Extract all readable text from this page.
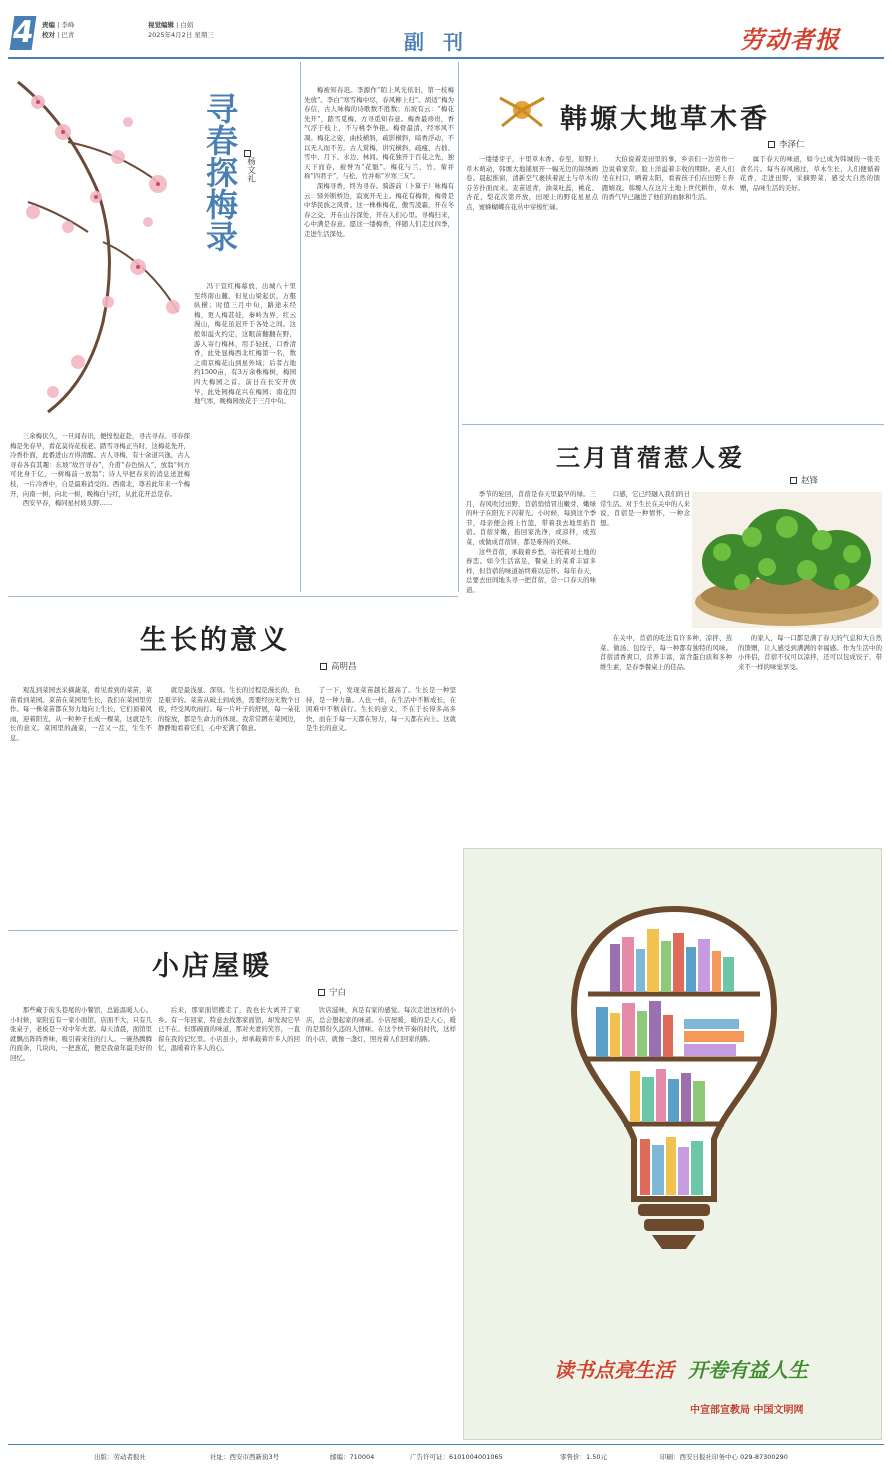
4 责编 | 李峰
校对 | 巴青
视觉编辑 | 白娟
2025年4月2日 星期三	副 刊	劳动者报
寻春探梅录 杨文礼

冯干宣红梅幕放，出城八十里至终南山麓，但见山梁起伏，万壑纵横；时值三月中旬，路途未经梅，更人梅甚娃，秦岭为界，红云漫山，梅花虽迟开于各处之间。这般如溢火约定，这眼前翻翻在野，游人寄行梅林，用手轻抚，口香清香，此处显梅西北红梅第一名，数之南京梅花山到星外域；后者占地约1500亩，有3万余株梅树，梅园四大梅园之首。前日在长安开放早，此处园梅花兴在梅园；南花因地气寒，晚梅园放花于三月中旬。

三余梅伏久，一旦闻春讯，便惶惶赶赴，寻古寻春。寻春探梅是先春早，看花莫待花枝老。踏雪寻梅正当时，这梅花先开，冷香扑面，此番进山方得清醒。古人寻梅，有十余道兴逸，古人寻春各有其趣：东坡“故宫寻春”，介甫“春色恼人”，放翁“何方可化身千亿，一树梅前一放翁”；诗人早把春来的消息送进梅枝，一片冷香中，自是最难消受的。西南北，尊若此年来一个梅开，向南一树，向北一树，晚梅白与红，从此花开总是春。

西安早春，梅同星村坡头野……

梅被知春迟。李源作“陌上风光依旧，第一枝梅先放”。李白“寒雪梅中尽，春风柳上归”。胡适“梅为春信，古人咏梅的诗歌数不胜数；东坡有云：“梅花先开”，踏雪觅梅，方寻觅知春意。梅香最珍贵，香气浮于枝上，不与桃李争艳。梅骨最清，经寒风不凋。梅花之姿，曲枝横斜，疏影横斜，暗香浮动，不以无人而不芳。古人赏梅，讲究横斜、疏瘦、古拙、雪中、月下、水边、林间。梅花独开于百花之先，独天下而春，被誉为“花魁”。梅花与兰、竹、菊并称“四君子”，与松、竹并称“岁寒三友”。

深梅寻香，终为寻春。骑游前（卜算子）咏梅有云：驿外断桥边，寂寞开无主。梅花有梅骨，梅骨是中华民族之风骨。这一株株梅花，傲雪凌霜，开在冬春之交，开在山谷深处，开在人们心里。寻梅归来，心中满是春意。愿这一缕梅香，伴随人们走过四季，走进生活深处。

韩塬大地草木香
李泽仁

一缕缕芽子，十里草木香。春至，原野上草木萌动，韩塬大地铺展开一幅无边的锦绣画卷。晨起推窗，清新空气裹挟着泥土与草木的芬芳扑面而来。麦苗返青，油菜吐蕊，桃花、杏花、梨花次第开放，田埂上的野花星星点点，蜜蜂蝴蝶在花丛中穿梭忙碌。

大伯说着麦田里的事，乡亲们一边劳作一边说着家常，脸上洋溢着丰收的期盼。老人们坐在村口，晒着太阳，看着孩子们在田野上奔跑嬉戏。韩塬人在这片土地上世代耕作，草木的香气早已融进了他们的血脉和生活。

属于春天的味道，如今已成为韩城的一张美食名片。每当春风拂过，草木生长，人们便循着花香，走进田野，采摘野菜，感受大自然的馈赠，品味生活的美好。

三月苜蓿惹人爱
赵锋

季节的轮回，苜蓿是春天里最早的绿。三月，春风吹过田野，苜蓿悄悄冒出嫩芽，嫩绿的叶子在阳光下闪着光。小时候，每到这个季节，母亲便会挎上竹篮，带着我去地里掐苜蓿。苜蓿芽嫩，掐回家洗净，或凉拌，或蒸菜，或做成苜蓿饼，都是难得的美味。

这些苜蓿，承载着乡愁，寄托着对土地的眷恋。如今生活富足，餐桌上的菜肴丰富多样，但苜蓿的味道始终难以忘怀。每年春天，总要去田间地头寻一把苜蓿，尝一口春天的味道。

口感，它已经融入我们的日常生活。对于生长在关中的人来说，苜蓿是一种情怀，一种念想。

在关中，苜蓿的吃法有许多种，凉拌、蒸菜、做汤、包饺子，每一种都有独特的风味。苜蓿清香爽口，营养丰富，富含蛋白质和多种维生素，是春季餐桌上的佳品。

的家人，每一口都是满了春天的气息和大自然的馈赠，让人感受到满满的幸福感。作为生活中的小伴侣，苜蓿不仅可以凉拌，还可以包成饺子，带来不一样的味觉享受。

生长的意义
高明昌

观乱到菜园去采摘蔬菜，看见看到的菜苗，菜苗看到菜园。菜苗在菜园里生长，我们在菜园里劳作。每一株菜苗都在努力地向上生长，它们顶着风雨，迎着阳光，从一粒种子长成一棵菜，这就是生长的意义。菜园里的蔬菜，一茬又一茬，生生不息。

就是最浅显、深刻。生长的过程是漫长的，也是艰辛的。菜苗从破土到成熟，需要经历无数个日夜，经受风吹雨打。每一片叶子的舒展，每一朵花的绽放，都是生命力的体现。我常常蹲在菜园边，静静地看着它们，心中充满了敬意。

了一下，发现菜苗越长越高了。生长是一种坚持，是一种力量。人也一样，在生活中不断成长，在困难中不断前行。生长的意义，不在于长得多高多快，而在于每一天都在努力，每一天都在向上。这就是生长的意义。

小店屋暖
宁白

那些藏于街头巷尾的小餐馆，总能温暖人心。小时候，家附近有一家小面馆，店面不大，只有几张桌子，老板是一对中年夫妻。每天清晨，面馆里就飘出阵阵香味，吸引着来往的行人。一碗热腾腾的面条，几块肉，一把葱花，便是我童年最美好的回忆。

后来，那家面馆搬走了，我也长大离开了家乡。有一年回家，特意去找那家面馆，却发现它早已不在。但那碗面的味道，那对夫妻的笑容，一直留在我的记忆里。小店虽小，却承载着许多人的回忆，温暖着许多人的心。

饮店滋味，真是有家的感觉。每次走进这样的小店，总会想起家的味道。小店屋暖，暖的是人心，暖的是那份久违的人情味。在这个快节奏的时代，这样的小店，就像一盏灯，照亮着人们回家的路。

读书点亮生活 开卷有益人生
中宣部宣教局 中国文明网
出版：劳动者报社	社址：西安市西新街3号	邮编：710004	广告许可证：6101004001065	零售价：1.50元	印刷：西安日报社印务中心 029-87300290
